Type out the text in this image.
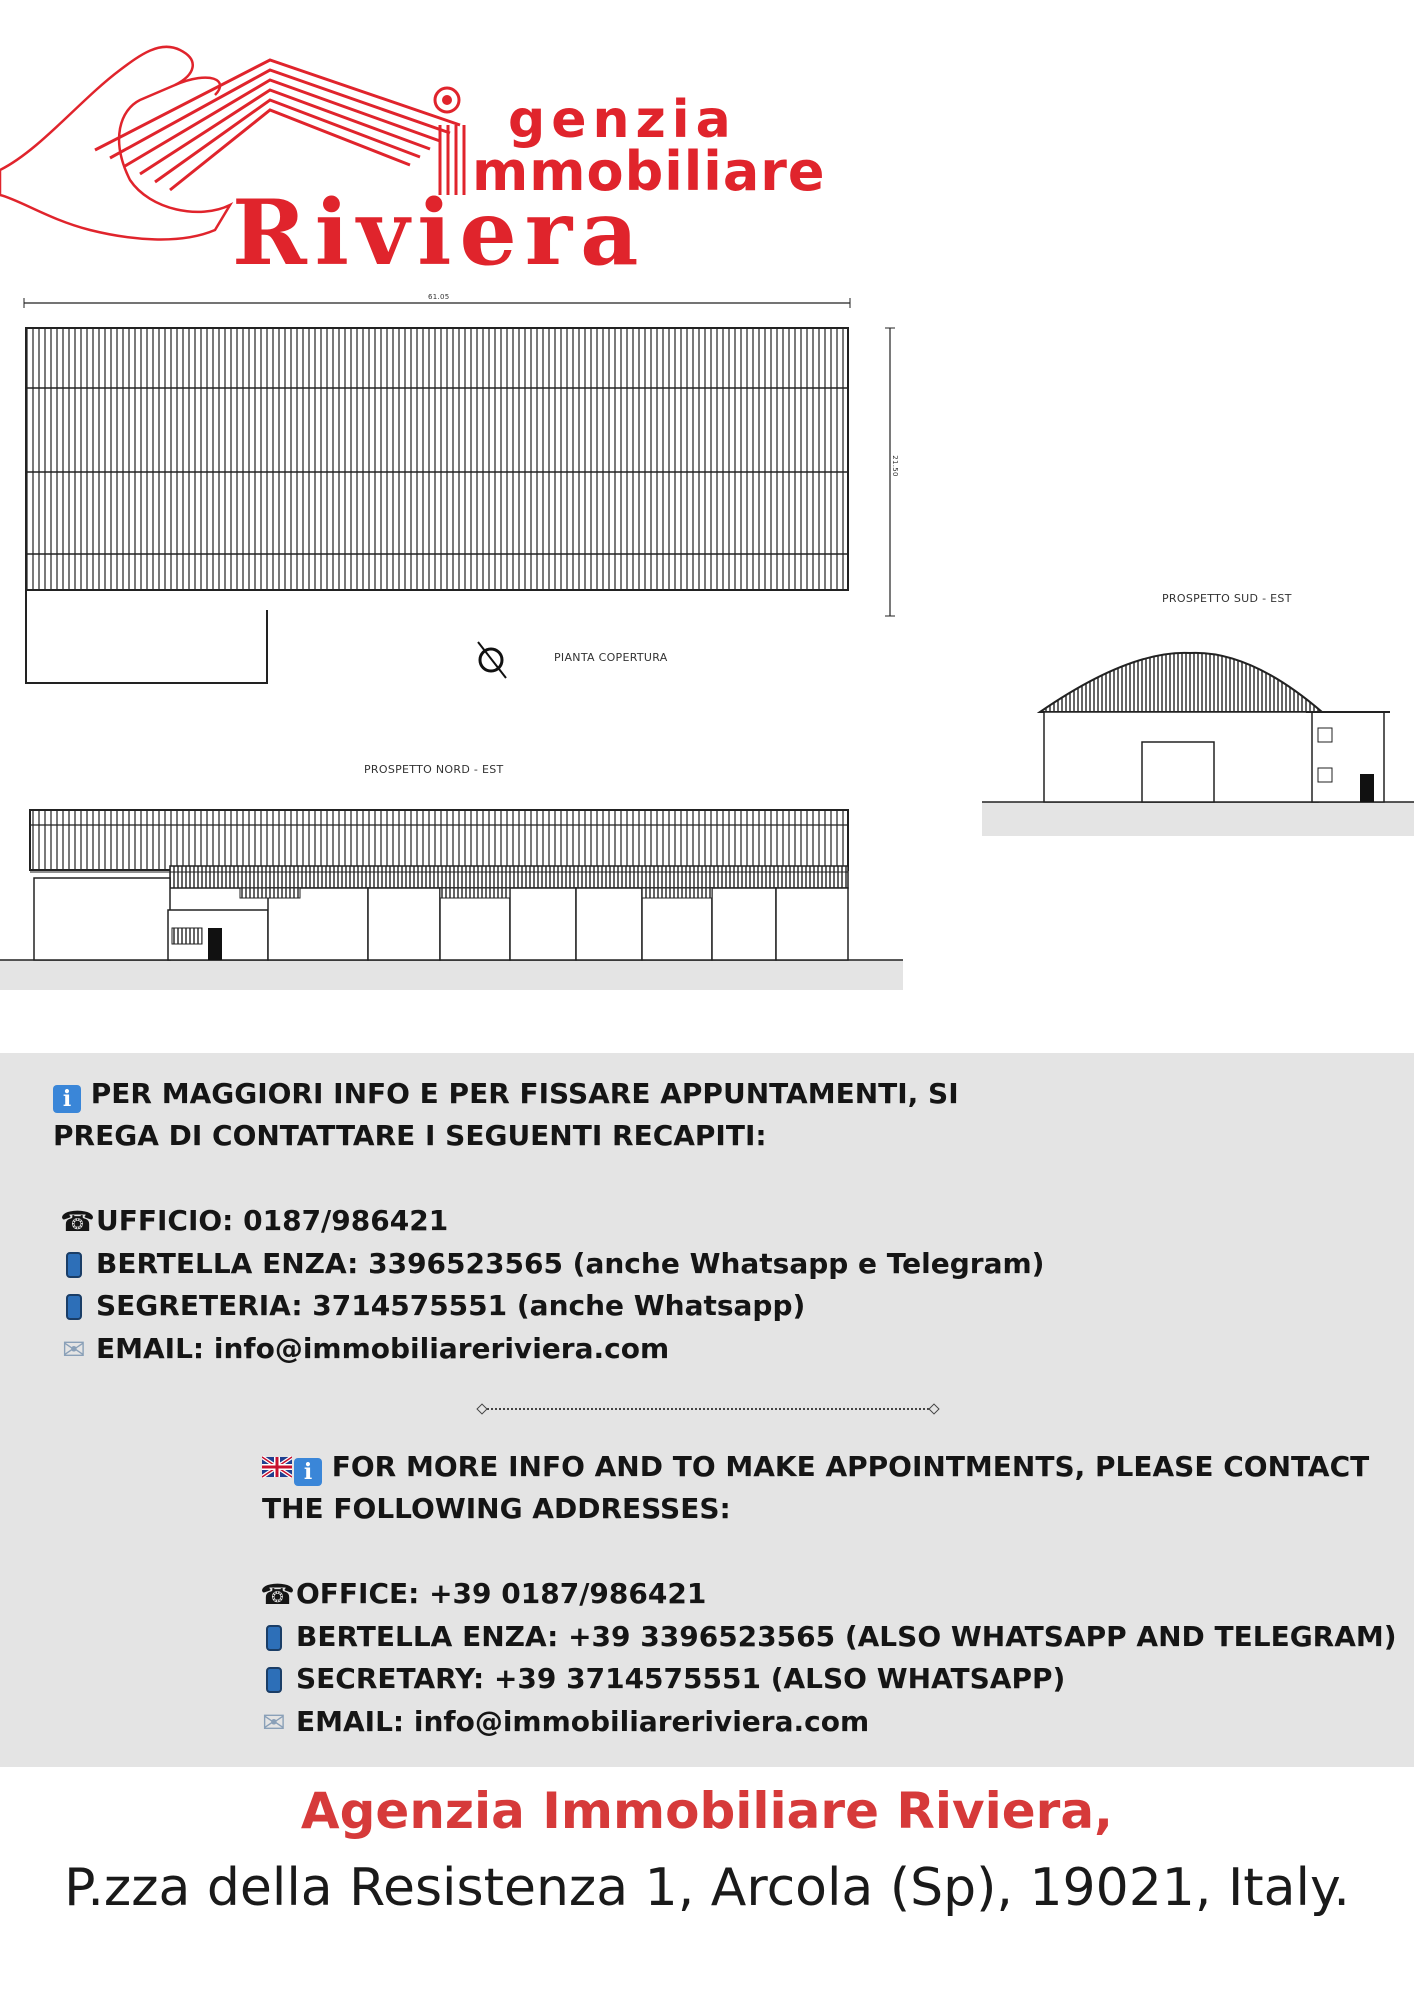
genzia
mmobiliare
Riviera
PIANTA COPERTURA
PROSPETTO NORD - EST
PROSPETTO SUD - EST
61.05
21.50
i PER MAGGIORI INFO E PER FISSARE APPUNTAMENTI, SI
PREGA DI CONTATTARE I SEGUENTI RECAPITI:
☎UFFICIO: 0187/986421
BERTELLA ENZA: 3396523565 (anche Whatsapp e Telegram)
SEGRETERIA: 3714575551 (anche Whatsapp)
✉ EMAIL: info@immobiliareriviera.com
i FOR MORE INFO AND TO MAKE APPOINTMENTS, PLEASE CONTACT
THE FOLLOWING ADDRESSES:
☎OFFICE: +39 0187/986421
BERTELLA ENZA: +39 3396523565 (ALSO WHATSAPP AND TELEGRAM)
SECRETARY: +39 3714575551 (ALSO WHATSAPP)
✉ EMAIL: info@immobiliareriviera.com
Agenzia Immobiliare Riviera,
P.zza della Resistenza 1, Arcola (Sp), 19021, Italy.
